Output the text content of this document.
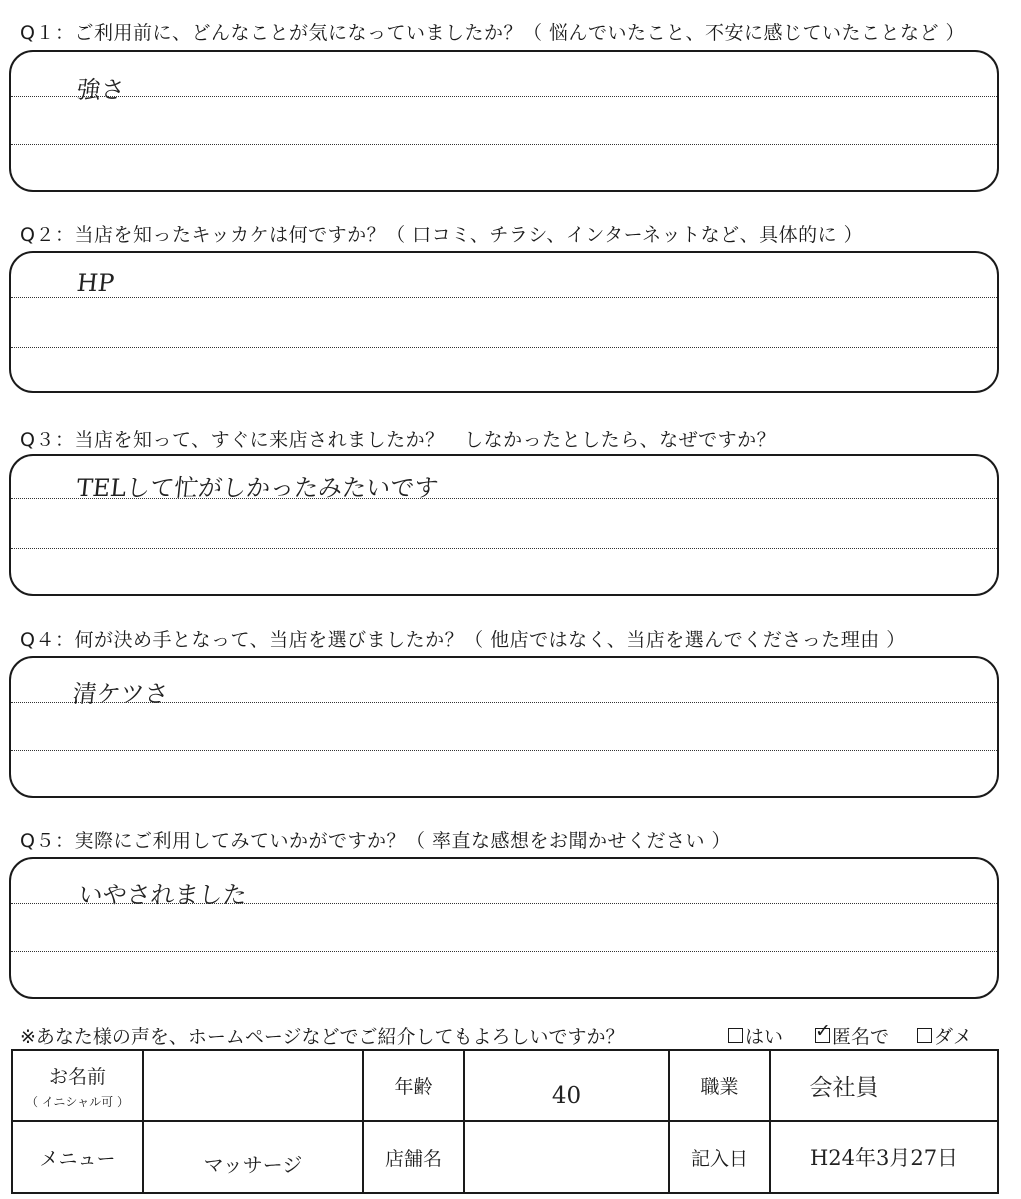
Q１：ご利用前に、どんなことが気になっていましたか？（ 悩んでいたこと、不安に感じていたことなど ）
強さ
Q２：当店を知ったキッカケは何ですか？（ 口コミ、チラシ、インターネットなど、具体的に ）
HP
Q３：当店を知って、すぐに来店されましたか？　しなかったとしたら、なぜですか？
TELして忙がしかったみたいです
Q４：何が決め手となって、当店を選びましたか？（ 他店ではなく、当店を選んでくださった理由 ）
清ケツさ
Q５：実際にご利用してみていかがですか？（ 率直な感想をお聞かせください ）
いやされました
※あなた様の声を、ホームページなどでご紹介してもよろしいですか？	はい ✓	匿名で	ダメ
お名前
（ イニシャル可 ）		年齢	40	職業	会社員
メニュー	マッサージ	店舗名		記入日	H24年3月27日
